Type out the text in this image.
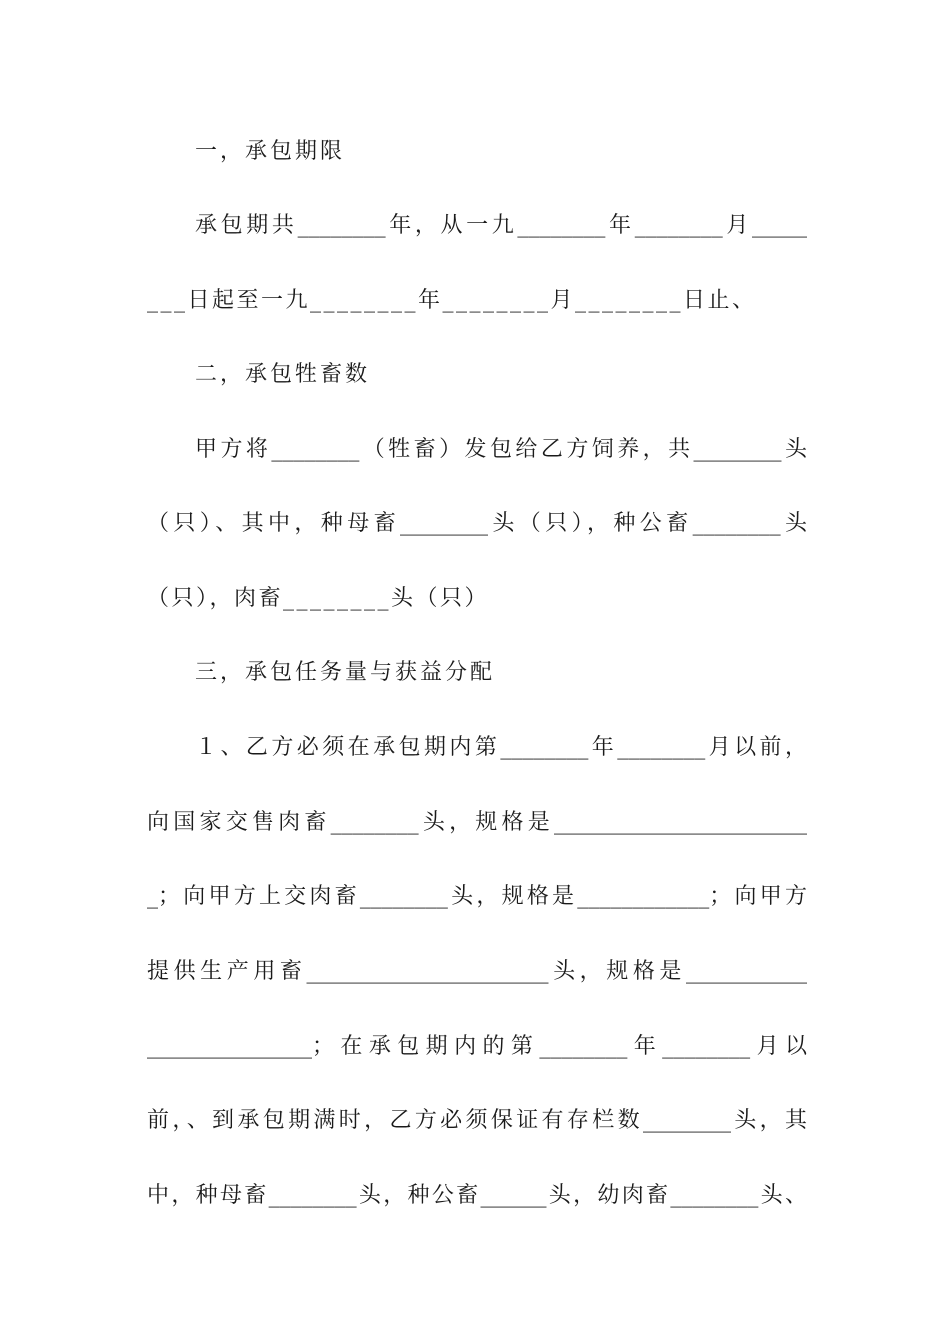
一，承包期限
承包期共________年，从一九________年________月_____
___日起至一九________年________月________日止、
二，承包牲畜数
甲方将________（牲畜）发包给乙方饲养，共________头
（只）、其中，种母畜________头（只），种公畜________头
（只），肉畜________头（只）
三，承包任务量与获益分配
１、乙方必须在承包期内第________年________月以前，
向国家交售肉畜________头，规格是_______________________
_；向甲方上交肉畜________头，规格是____________；向甲方
提供生产用畜______________________头，规格是___________
_______________；在承包期内的第________年________月以
前，、到承包期满时，乙方必须保证有存栏数________头，其
中，种母畜________头，种公畜______头，幼肉畜________头、
